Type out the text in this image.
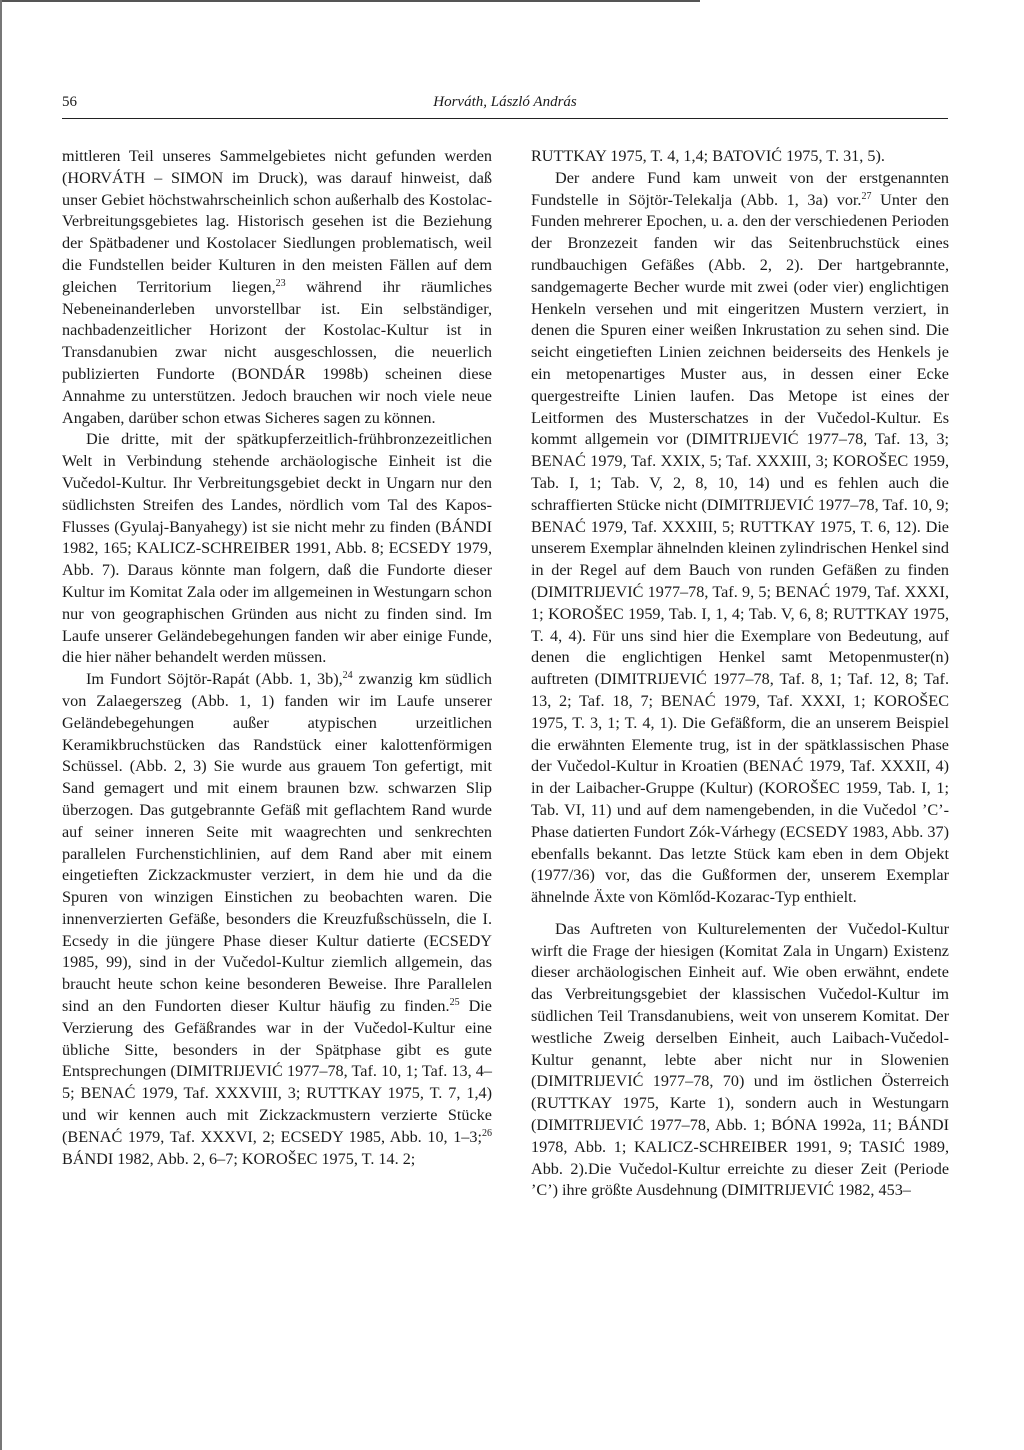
56	Horváth, László András

mittleren Teil unseres Sammelgebietes nicht gefunden werden (HORVÁTH – SIMON im Druck), was darauf hinweist, daß unser Gebiet höchstwahrscheinlich schon außerhalb des Kostolac-Verbreitungsgebietes lag. Historisch gesehen ist die Beziehung der Spätbadener und Kostolacer Siedlungen problematisch, weil die Fundstellen beider Kulturen in den meisten Fällen auf dem gleichen Territorium liegen,$^{23}$ während ihr räumliches Nebeneinanderleben unvorstellbar ist. Ein selbständiger, nachbadenzeitlicher Horizont der Kostolac-Kultur ist in Transdanubien zwar nicht ausgeschlossen, die neuerlich publizierten Fundorte (BONDÁR 1998b) scheinen diese Annahme zu unterstützen. Jedoch brauchen wir noch viele neue Angaben, darüber schon etwas Sicheres sagen zu können.

Die dritte, mit der spätkupferzeitlich-frühbronzezeitlichen Welt in Verbindung stehende archäologische Einheit ist die Vučedol-Kultur. Ihr Verbreitungsgebiet deckt in Ungarn nur den südlichsten Streifen des Landes, nördlich vom Tal des Kapos-Flusses (Gyulaj-Banyahegy) ist sie nicht mehr zu finden (BÁNDI 1982, 165; KALICZ-SCHREIBER 1991, Abb. 8; ECSEDY 1979, Abb. 7). Daraus könnte man folgern, daß die Fundorte dieser Kultur im Komitat Zala oder im allgemeinen in Westungarn schon nur von geographischen Gründen aus nicht zu finden sind. Im Laufe unserer Geländebegehungen fanden wir aber einige Funde, die hier näher behandelt werden müssen.

Im Fundort Söjtör-Rapát (Abb. 1, 3b),$^{24}$ zwanzig km südlich von Zalaegerszeg (Abb. 1, 1) fanden wir im Laufe unserer Geländebegehungen außer atypischen urzeitlichen Keramikbruchstücken das Randstück einer kalottenförmigen Schüssel. (Abb. 2, 3) Sie wurde aus grauem Ton gefertigt, mit Sand gemagert und mit einem braunen bzw. schwarzen Slip überzogen. Das gutgebrannte Gefäß mit geflachtem Rand wurde auf seiner inneren Seite mit waagrechten und senkrechten parallelen Furchenstichlinien, auf dem Rand aber mit einem eingetieften Zickzackmuster verziert, in dem hie und da die Spuren von winzigen Einstichen zu beobachten waren. Die innenverzierten Gefäße, besonders die Kreuzfußschüsseln, die I. Ecsedy in die jüngere Phase dieser Kultur datierte (ECSEDY 1985, 99), sind in der Vučedol-Kultur ziemlich allgemein, das braucht heute schon keine besonderen Beweise. Ihre Parallelen sind an den Fundorten dieser Kultur häufig zu finden.$^{25}$ Die Verzierung des Gefäßrandes war in der Vučedol-Kultur eine übliche Sitte, besonders in der Spätphase gibt es gute Entsprechungen (DIMITRIJEVIĆ 1977–78, Taf. 10, 1; Taf. 13, 4–5; BENAĆ 1979, Taf. XXXVIII, 3; RUTTKAY 1975, T. 7, 1,4) und wir kennen auch mit Zickzackmustern verzierte Stücke (BENAĆ 1979, Taf. XXXVI, 2; ECSEDY 1985, Abb. 10, 1–3;$^{26}$ BÁNDI 1982, Abb. 2, 6–7; KOROŠEC 1975, T. 14. 2;

RUTTKAY 1975, T. 4, 1,4; BATOVIĆ 1975, T. 31, 5).

Der andere Fund kam unweit von der erstgenannten Fundstelle in Söjtör-Telekalja (Abb. 1, 3a) vor.$^{27}$ Unter den Funden mehrerer Epochen, u. a. den der verschiedenen Perioden der Bronzezeit fanden wir das Seitenbruchstück eines rundbauchigen Gefäßes (Abb. 2, 2). Der hartgebrannte, sandgemagerte Becher wurde mit zwei (oder vier) englichtigen Henkeln versehen und mit eingeritzen Mustern verziert, in denen die Spuren einer weißen Inkrustation zu sehen sind. Die seicht eingetieften Linien zeichnen beiderseits des Henkels je ein metopenartiges Muster aus, in dessen einer Ecke quergestreifte Linien laufen. Das Metope ist eines der Leitformen des Musterschatzes in der Vučedol-Kultur. Es kommt allgemein vor (DIMITRIJEVIĆ 1977–78, Taf. 13, 3; BENAĆ 1979, Taf. XXIX, 5; Taf. XXXIII, 3; KOROŠEC 1959, Tab. I, 1; Tab. V, 2, 8, 10, 14) und es fehlen auch die schraffierten Stücke nicht (DIMITRIJEVIĆ 1977–78, Taf. 10, 9; BENAĆ 1979, Taf. XXXIII, 5; RUTTKAY 1975, T. 6, 12). Die unserem Exemplar ähnelnden kleinen zylindrischen Henkel sind in der Regel auf dem Bauch von runden Gefäßen zu finden (DIMITRIJEVIĆ 1977–78, Taf. 9, 5; BENAĆ 1979, Taf. XXXI, 1; KOROŠEC 1959, Tab. I, 1, 4; Tab. V, 6, 8; RUTTKAY 1975, T. 4, 4). Für uns sind hier die Exemplare von Bedeutung, auf denen die englichtigen Henkel samt Metopenmuster(n) auftreten (DIMITRIJEVIĆ 1977–78, Taf. 8, 1; Taf. 12, 8; Taf. 13, 2; Taf. 18, 7; BENAĆ 1979, Taf. XXXI, 1; KOROŠEC 1975, T. 3, 1; T. 4, 1). Die Gefäßform, die an unserem Beispiel die erwähnten Elemente trug, ist in der spätklassischen Phase der Vučedol-Kultur in Kroatien (BENAĆ 1979, Taf. XXXII, 4) in der Laibacher-Gruppe (Kultur) (KOROŠEC 1959, Tab. I, 1; Tab. VI, 11) und auf dem namengebenden, in die Vučedol ’C’-Phase datierten Fundort Zók-Várhegy (ECSEDY 1983, Abb. 37) ebenfalls bekannt. Das letzte Stück kam eben in dem Objekt (1977/36) vor, das die Gußformen der, unserem Exemplar ähnelnde Äxte von Kömlőd-Kozarac-Typ enthielt.

Das Auftreten von Kulturelementen der Vučedol-Kultur wirft die Frage der hiesigen (Komitat Zala in Ungarn) Existenz dieser archäologischen Einheit auf. Wie oben erwähnt, endete das Verbreitungsgebiet der klassischen Vučedol-Kultur im südlichen Teil Transdanubiens, weit von unserem Komitat. Der westliche Zweig derselben Einheit, auch Laibach-Vučedol-Kultur genannt, lebte aber nicht nur in Slowenien (DIMITRIJEVIĆ 1977–78, 70) und im östlichen Österreich (RUTTKAY 1975, Karte 1), sondern auch in Westungarn (DIMITRIJEVIĆ 1977–78, Abb. 1; BÓNA 1992a, 11; BÁNDI 1978, Abb. 1; KALICZ-SCHREIBER 1991, 9; TASIĆ 1989, Abb. 2).Die Vučedol-Kultur erreichte zu dieser Zeit (Periode ’C’) ihre größte Ausdehnung (DIMITRIJEVIĆ 1982, 453–
